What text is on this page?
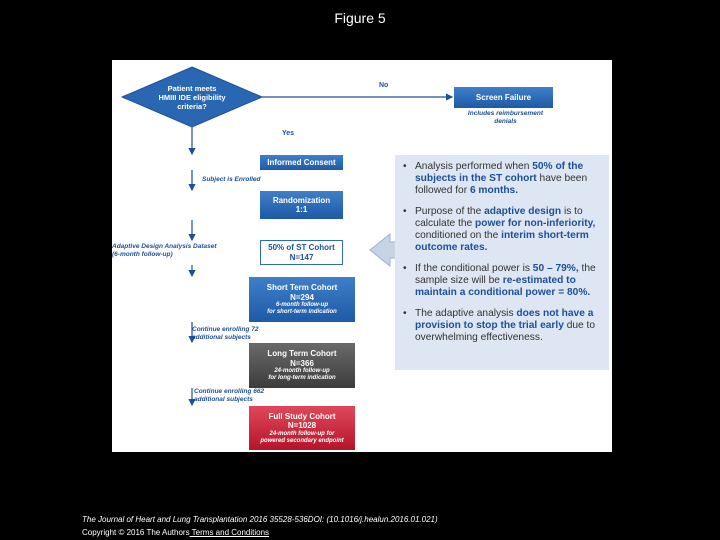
Figure 5
Patient meets
HMIII IDE eligibility
criteria?
No
Yes
Screen Failure
Includes reimbursement
denials
Informed Consent
Subject is Enrolled
Randomization
1:1
Adaptive Design Analysis Dataset
(6-month follow-up)
50% of ST Cohort
N=147
Short Term Cohort
N=294
6-month follow-up
for short-term indication
Continue enrolling 72
additional subjects
Long Term Cohort
N=366
24-month follow-up
for long-term indication
Continue enrolling 662
additional subjects
Full Study Cohort
N=1028
24-month follow-up for
powered secondary endpoint
• Analysis performed when 50% of the subjects in the ST cohort have been followed for 6 months.
• Purpose of the adaptive design is to calculate the power for non-inferiority, conditioned on the interim short-term outcome rates.
• If the conditional power is 50 – 79%, the sample size will be re-estimated to maintain a conditional power = 80%.
• The adaptive analysis does not have a provision to stop the trial early due to overwhelming effectiveness.
The Journal of Heart and Lung Transplantation 2016 35528-536DOI: (10.1016/j.healun.2016.01.021)
Copyright © 2016 The Authors Terms and Conditions
